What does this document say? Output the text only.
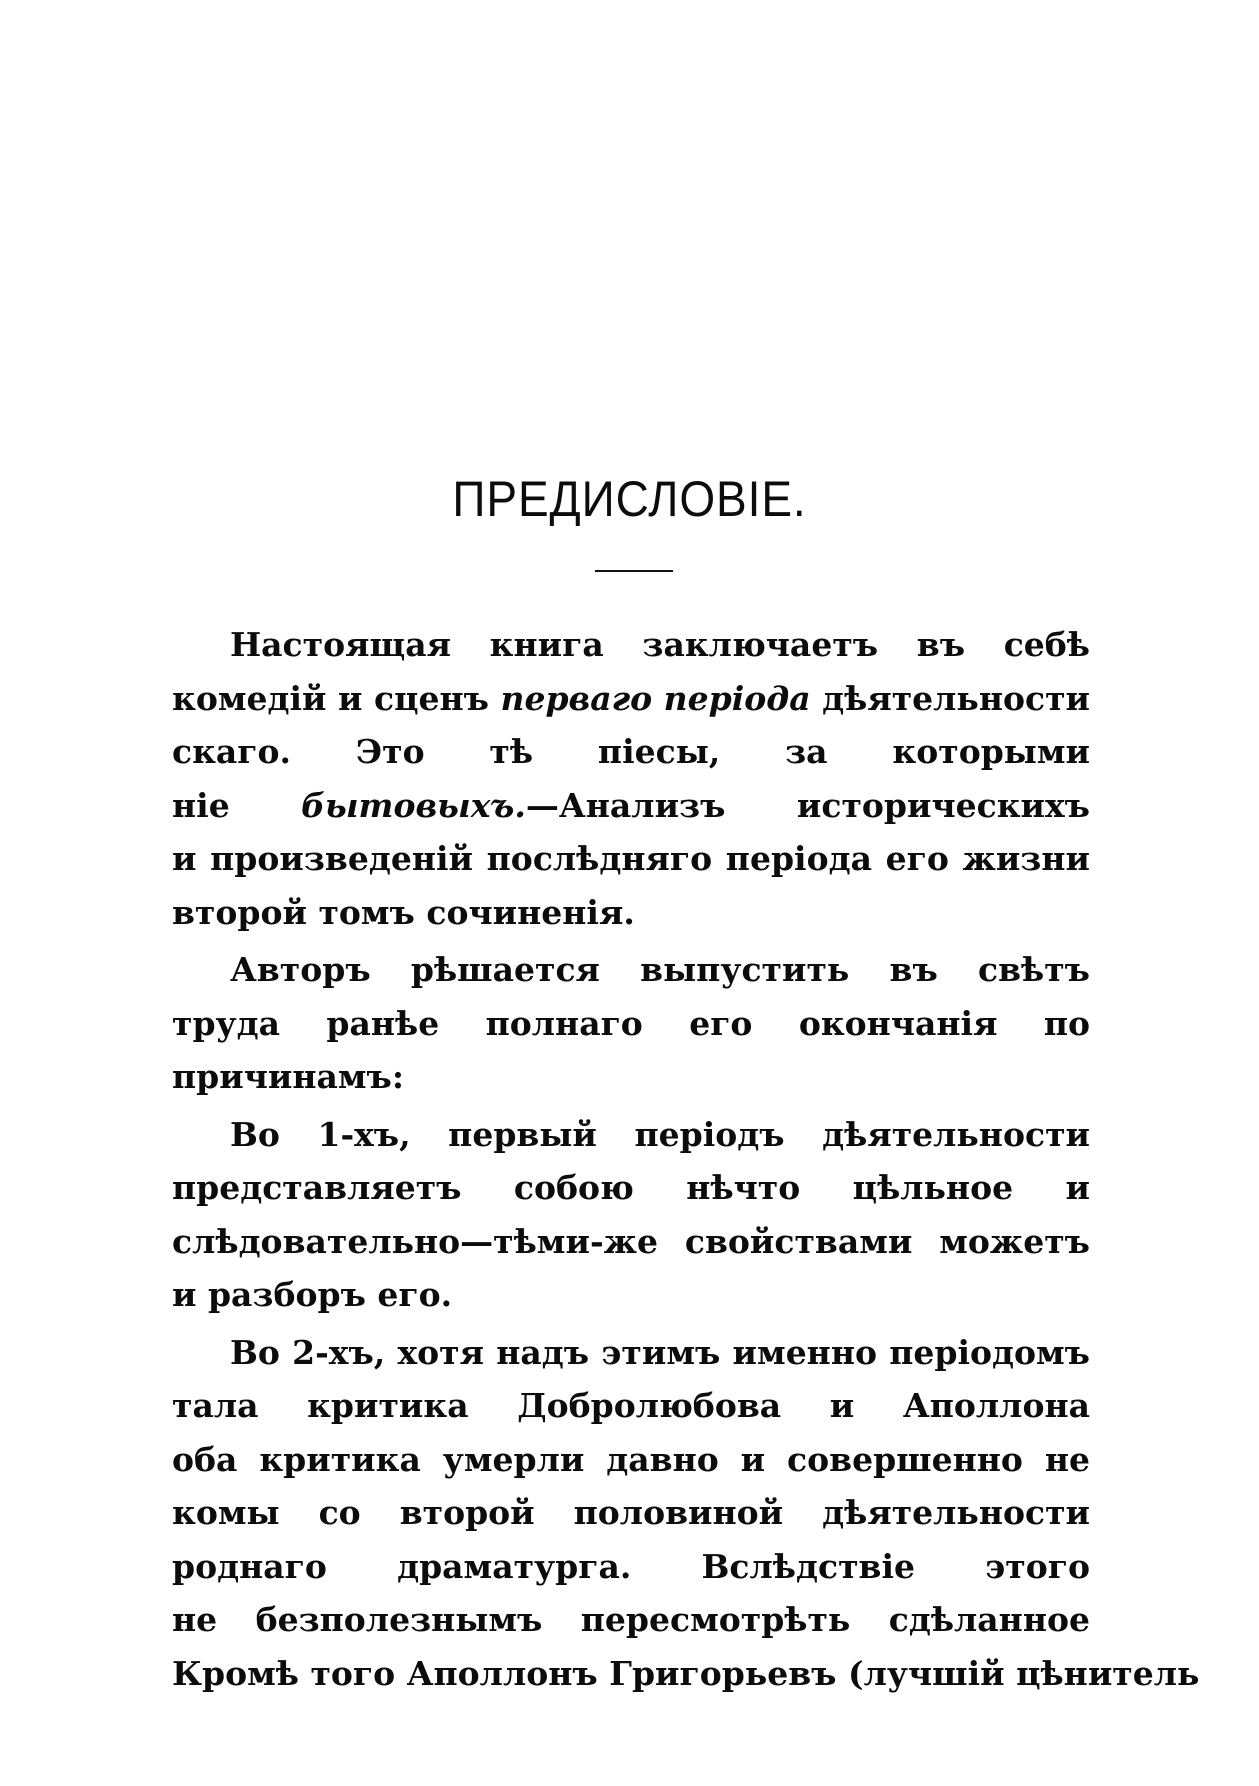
ПРЕДИСЛОВІЕ.
Настоящая книга заключаетъ въ себѣ
комедій и сценъ перваго періода дѣятельности
скаго. Это тѣ піесы, за которыми
ніе бытовыхъ.—Анализъ историческихъ
и произведеній послѣдняго періода его жизни
второй томъ сочиненія.
Авторъ рѣшается выпустить въ свѣтъ
труда ранѣе полнаго его окончанія по
причинамъ:
Во 1-хъ, первый періодъ дѣятельности
представляетъ собою нѣчто цѣльное и
слѣдовательно—тѣми-же свойствами можетъ
и разборъ его.
Во 2-хъ, хотя надъ этимъ именно періодомъ
тала критика Добролюбова и Аполлона
оба критика умерли давно и совершенно не
комы со второй половиной дѣятельности
роднаго драматурга. Вслѣдствіе этого
не безполезнымъ пересмотрѣть сдѣланное
Кромѣ того Аполлонъ Григорьевъ (лучшій цѣнитель
